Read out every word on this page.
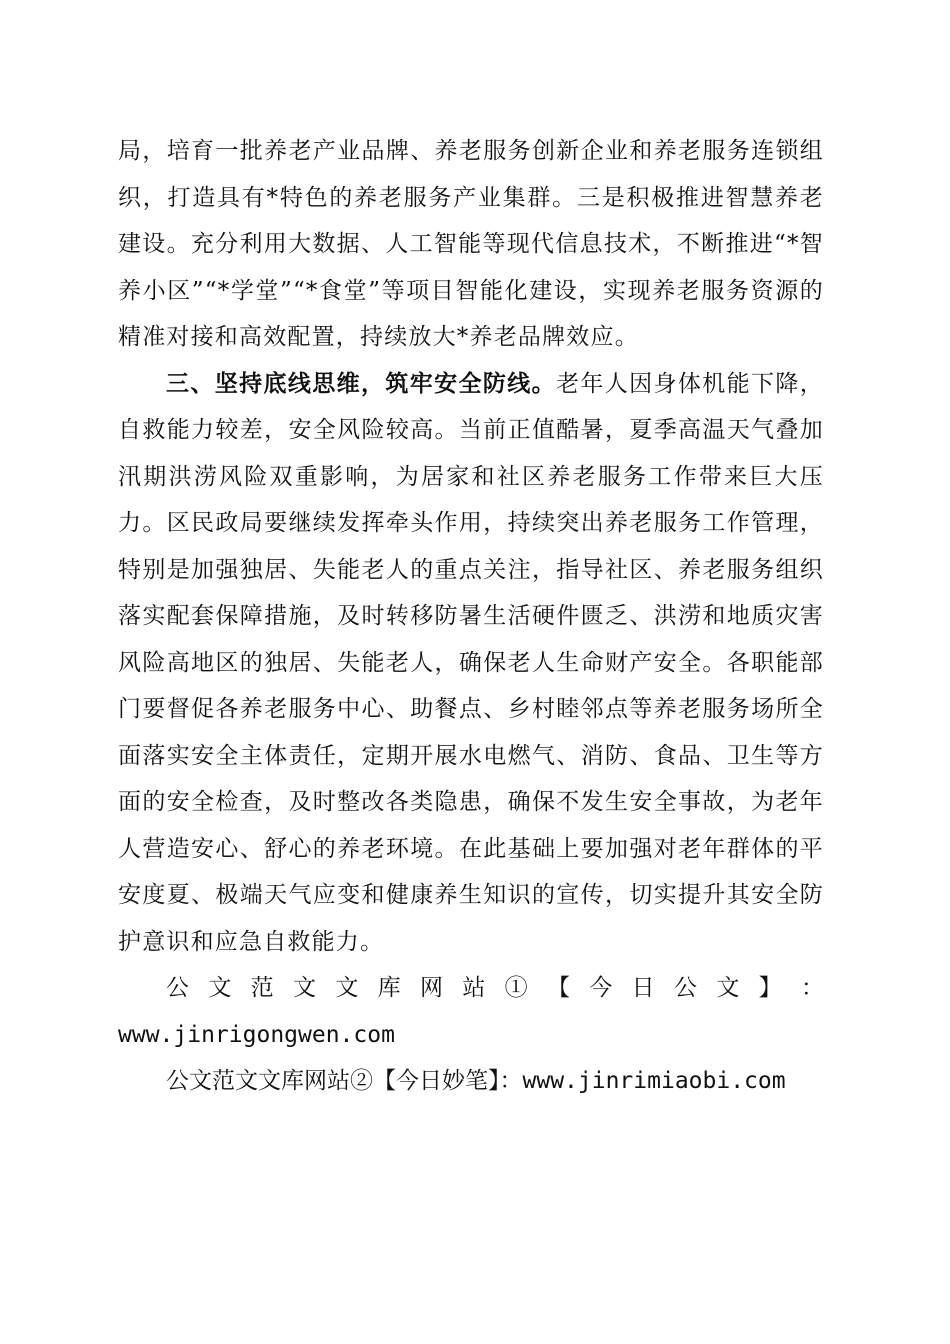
局，培育一批养老产业品牌、养老服务创新企业和养老服务连锁组织，打造具有*特色的养老服务产业集群。三是积极推进智慧养老建设。充分利用大数据、人工智能等现代信息技术，不断推进“*智养小区”“*学堂”“*食堂”等项目智能化建设，实现养老服务资源的精准对接和高效配置，持续放大*养老品牌效应。

三、坚持底线思维，筑牢安全防线。老年人因身体机能下降，自救能力较差，安全风险较高。当前正值酷暑，夏季高温天气叠加汛期洪涝风险双重影响，为居家和社区养老服务工作带来巨大压力。区民政局要继续发挥牵头作用，持续突出养老服务工作管理，特别是加强独居、失能老人的重点关注，指导社区、养老服务组织落实配套保障措施，及时转移防暑生活硬件匮乏、洪涝和地质灾害风险高地区的独居、失能老人，确保老人生命财产安全。各职能部门要督促各养老服务中心、助餐点、乡村睦邻点等养老服务场所全面落实安全主体责任，定期开展水电燃气、消防、食品、卫生等方面的安全检查，及时整改各类隐患，确保不发生安全事故，为老年人营造安心、舒心的养老环境。在此基础上要加强对老年群体的平安度夏、极端天气应变和健康养生知识的宣传，切实提升其安全防护意识和应急自救能力。

公 文 范 文 文 库 网 站 ① 【 今 日 公 文 】 ：

www.jinrigongwen.com

公文范文文库网站②【今日妙笔】：www.jinrimiaobi.com
